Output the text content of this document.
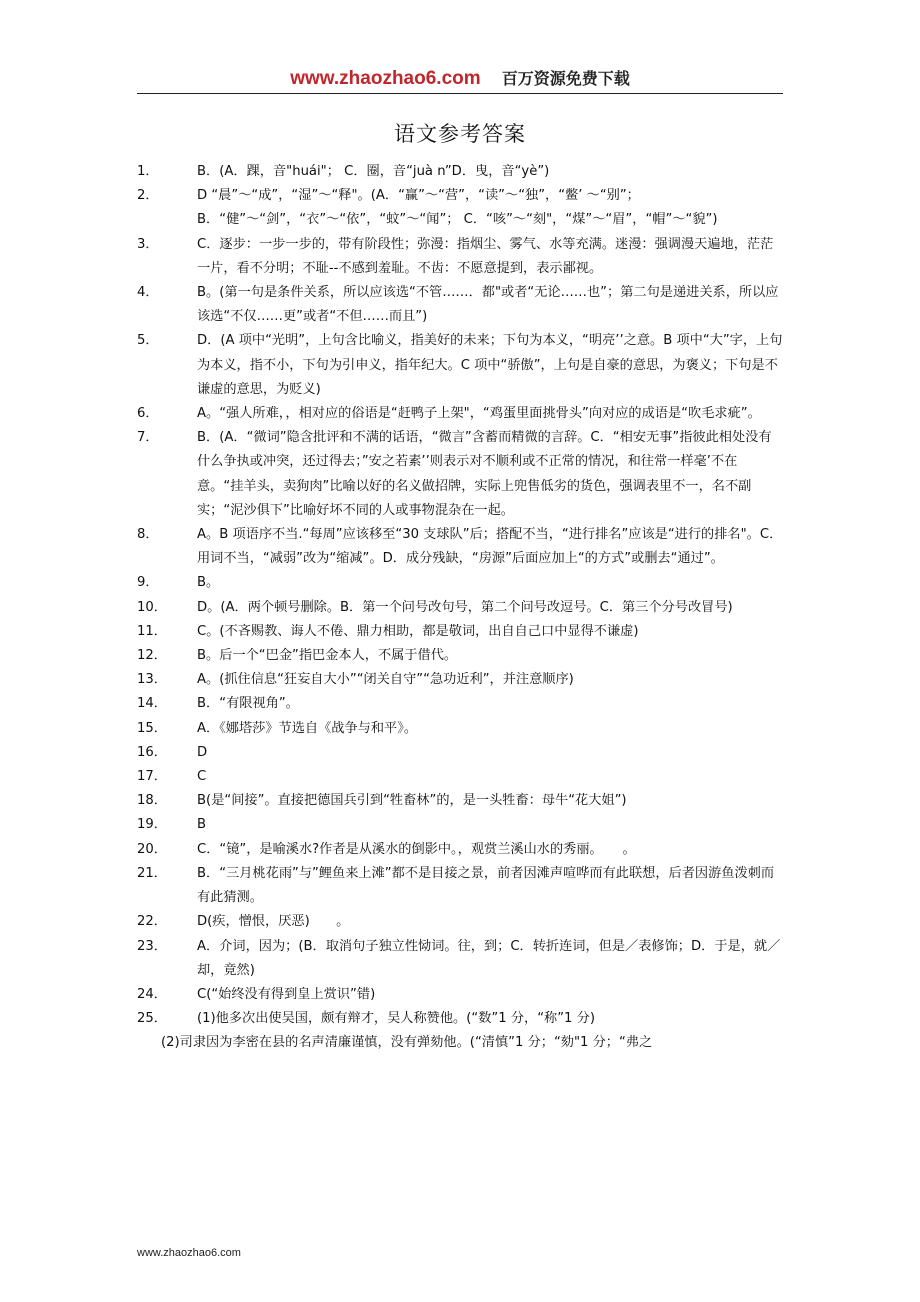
www.zhaozhao6.com 百万资源免费下载
语文参考答案
1．	B．(A．踝，音"huái"； C．圈，音“juà n”D．曳，音“yè”)
2．	D “晨”～“成”，“湿”～“释"。(A．“赢”～“营”，“读”～“独”，“鳖’ ～“别”；B．“健”～“剑”，“衣”～“依”，“蚊”～“闻”； C．“咳”～“刻"，“煤”～“眉”，“帽”～“貌”)
3．	C．逐步：一步一步的，带有阶段性；弥漫：指烟尘、雾气、水等充满。迷漫：强调漫天遍地，茫茫一片，看不分明；不耻--不感到羞耻。不齿：不愿意提到，表示鄙视。
4．	B。(第一句是条件关系，所以应该选“不管……．都"或者“无论……也”；第二句是递进关系，所以应该选“不仅……更”或者“不但……而且”)
5．	D．(A 项中“光明”，上句含比喻义，指美好的未来；下句为本义，“明亮’’之意。B 项中“大”字，上句为本义，指不小，下句为引申义，指年纪大。C 项中“骄傲”，上句是自豪的意思，为褒义；下句是不谦虚的意思，为贬义)
6．	A。“强人所难，，相对应的俗语是“赶鸭子上架"，“鸡蛋里面挑骨头”向对应的成语是“吹毛求疵”。
7．	B．(A．“微词”隐含批评和不满的话语，“微言”含蓄而精微的言辞。C．“相安无事”指彼此相处没有什么争执或冲突，还过得去；”安之若素’’则表示对不顺利或不正常的情况，和往常一样毫’不在意。“挂羊头，卖狗肉”比喻以好的名义做招牌，实际上兜售低劣的货色，强调表里不一，名不副实；“泥沙俱下”比喻好坏不同的人或事物混杂在一起。
8．	A。B 项语序不当.“每周”应该移至“30 支球队”后；搭配不当，“进行排名”应该是“进行的排名"。C．用词不当，“减弱”改为“缩减”。D．成分残缺，“房源”后面应加上“的方式”或删去“通过”。
9．	B。
10．	D。(A．两个顿号删除。B．第一个问号改句号，第二个问号改逗号。C．第三个分号改冒号)
11．	C。(不吝赐教、诲人不倦、鼎力相助，都是敬词，出自自己口中显得不谦虚)
12．	B。后一个“巴金”指巴金本人，不属于借代。
13．	A。(抓住信息“狂妄自大小”“闭关自守”“急功近利”，并注意顺序)
14．	B．“有限视角”。
15．	A．《娜塔莎》节选自《战争与和平》。
16．	D
17．	C
18．	B(是“间接”。直接把德国兵引到“牲畜林”的，是一头牲畜：母牛“花大姐”)
19．	B
20．	C．“镜”，是喻溪水?作者是从溪水的倒影中。，观赏兰溪山水的秀丽。　　。
21．	B．“三月桃花雨”与”鲤鱼来上滩”都不是目接之景，前者因滩声喧哗而有此联想，后者因游鱼泼刺而有此猜测。
22．	D(疾，憎恨，厌恶)　　。
23．	A．介词，因为；(B．取消句子独立性恸词。往，到；C．转折连词，但是／表修饰；D．于是，就／却，竟然)
24．	C(“始终没有得到皇上赏识”错)
25．	(1)他多次出使吴国，颇有辩才，吴人称赞他。(“数”1 分，“称”1 分)
(2)司隶因为李密在县的名声清廉谨慎，没有弹劾他。(“清慎”1 分；“劾"1 分；“弗之
www.zhaozhao6.com
